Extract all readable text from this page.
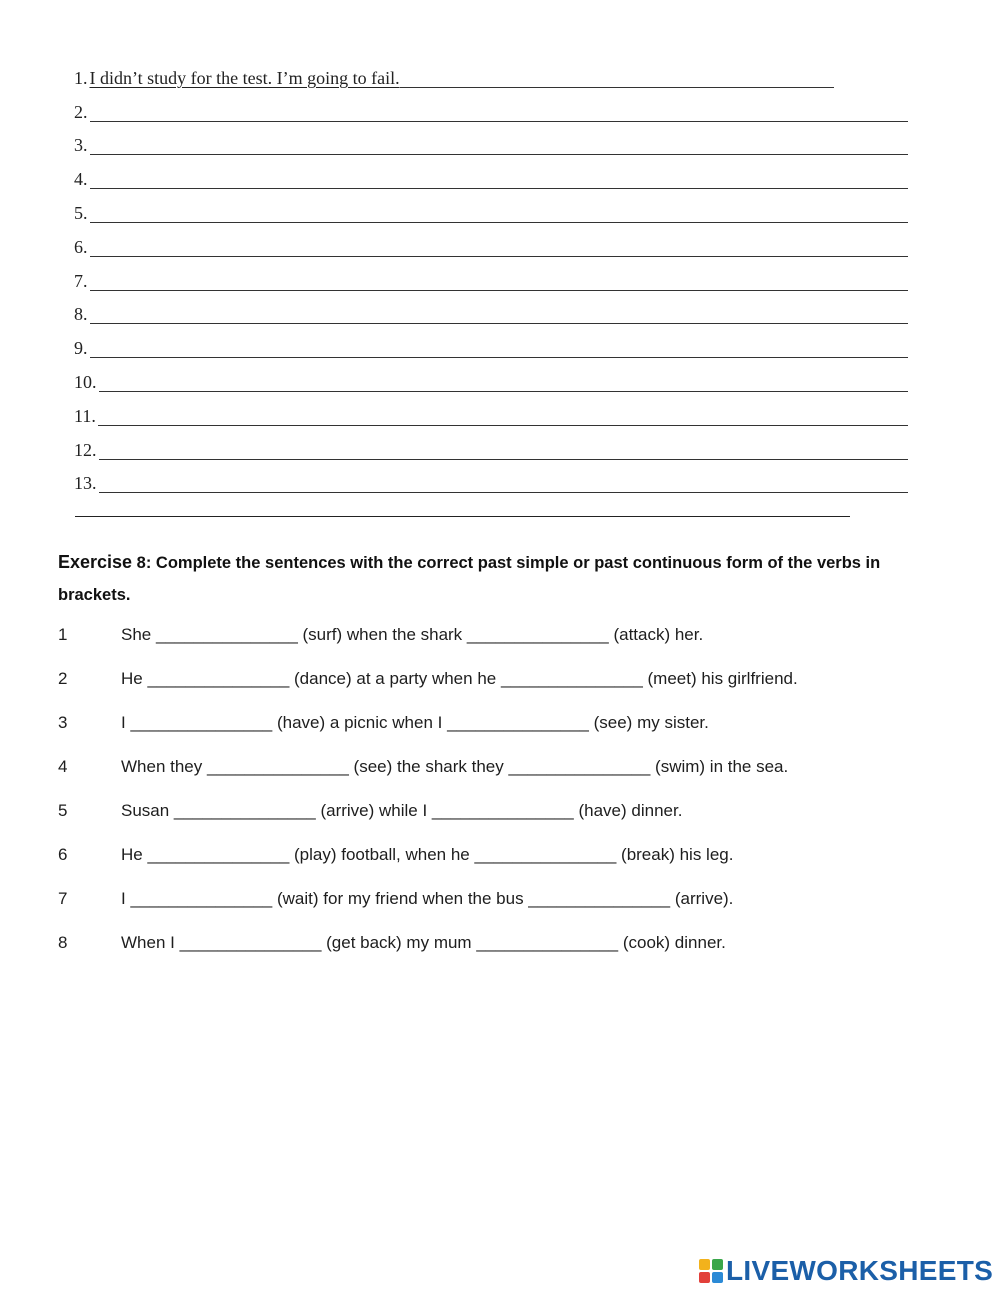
1. I didn’t study for the test. I’m going to fail.
2.
3.
4.
5.
6.
7.
8.
9.
10.
11.
12.
13.
Exercise 8: Complete the sentences with the correct past simple or past continuous form of the verbs in brackets.
1	She _______________ (surf) when the shark _______________ (attack) her.
2	He _______________ (dance) at a party when he _______________ (meet) his girlfriend.
3	I _______________ (have) a picnic when I _______________ (see) my sister.
4	When they _______________ (see) the shark they _______________ (swim) in the sea.
5	Susan _______________ (arrive) while I _______________ (have) dinner.
6	He _______________ (play) football, when he _______________ (break) his leg.
7	I _______________ (wait) for my friend when the bus _______________ (arrive).
8	When I _______________ (get back) my mum _______________ (cook) dinner.
LIVEWORKSHEETS
